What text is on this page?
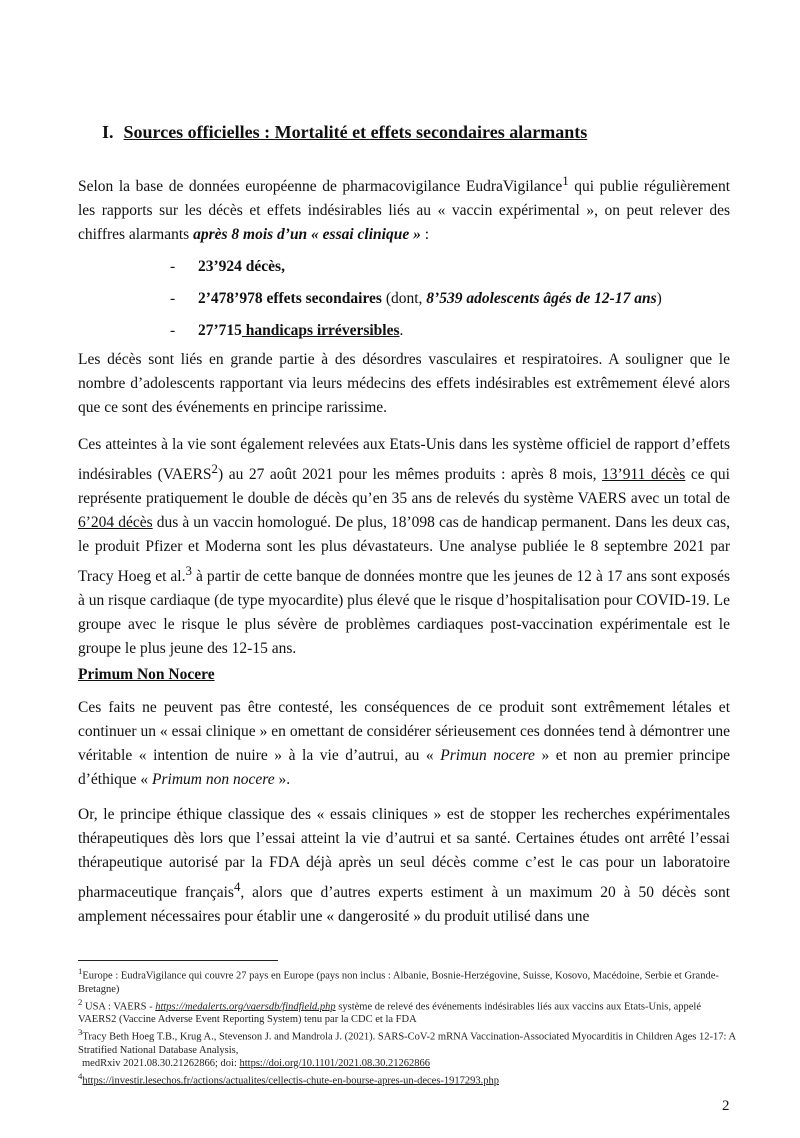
I. Sources officielles : Mortalité et effets secondaires alarmants
Selon la base de données européenne de pharmacovigilance EudraVigilance$^1$ qui publie régulièrement les rapports sur les décès et effets indésirables liés au « vaccin expérimental », on peut relever des chiffres alarmants après 8 mois d’un « essai clinique » :
- 23’924 décès,
- 2’478’978 effets secondaires (dont, 8’539 adolescents âgés de 12-17 ans)
- 27’715 handicaps irréversibles.
Les décès sont liés en grande partie à des désordres vasculaires et respiratoires. A souligner que le nombre d’adolescents rapportant via leurs médecins des effets indésirables est extrêmement élevé alors que ce sont des événements en principe rarissime.
Ces atteintes à la vie sont également relevées aux Etats-Unis dans les système officiel de rapport d’effets indésirables (VAERS$^2$) au 27 août 2021 pour les mêmes produits : après 8 mois, 13’911 décès ce qui représente pratiquement le double de décès qu’en 35 ans de relevés du système VAERS avec un total de 6’204 décès dus à un vaccin homologué. De plus, 18’098 cas de handicap permanent. Dans les deux cas, le produit Pfizer et Moderna sont les plus dévastateurs. Une analyse publiée le 8 septembre 2021 par Tracy Hoeg et al.$^3$ à partir de cette banque de données montre que les jeunes de 12 à 17 ans sont exposés à un risque cardiaque (de type myocardite) plus élevé que le risque d’hospitalisation pour COVID-19. Le groupe avec le risque le plus sévère de problèmes cardiaques post-vaccination expérimentale est le groupe le plus jeune des 12-15 ans.
Primum Non Nocere
Ces faits ne peuvent pas être contesté, les conséquences de ce produit sont extrêmement létales et continuer un « essai clinique » en omettant de considérer sérieusement ces données tend à démontrer une véritable « intention de nuire » à la vie d’autrui, au « Primun nocere » et non au premier principe d’éthique « Primum non nocere ».
Or, le principe éthique classique des « essais cliniques » est de stopper les recherches expérimentales thérapeutiques dès lors que l’essai atteint la vie d’autrui et sa santé. Certaines études ont arrêté l’essai thérapeutique autorisé par la FDA déjà après un seul décès comme c’est le cas pour un laboratoire pharmaceutique français$^4$, alors que d’autres experts estiment à un maximum 20 à 50 décès sont amplement nécessaires pour établir une « dangerosité » du produit utilisé dans une

$^1$Europe : EudraVigilance qui couvre 27 pays en Europe (pays non inclus : Albanie, Bosnie-Herzégovine, Suisse, Kosovo, Macédoine, Serbie et Grande-Bretagne)

$^2$ USA : VAERS - https://medalerts.org/vaersdb/findfield.php système de relevé des événements indésirables liés aux vaccins aux Etats-Unis, appelé VAERS2 (Vaccine Adverse Event Reporting System) tenu par la CDC et la FDA

$^3$Tracy Beth Hoeg T.B., Krug A., Stevenson J. and Mandrola J. (2021). SARS-CoV-2 mRNA Vaccination-Associated Myocarditis in Children Ages 12-17: A Stratified National Database Analysis,

medRxiv 2021.08.30.21262866; doi: https://doi.org/10.1101/2021.08.30.21262866

$^4$https://investir.lesechos.fr/actions/actualites/cellectis-chute-en-bourse-apres-un-deces-1917293.php

2
